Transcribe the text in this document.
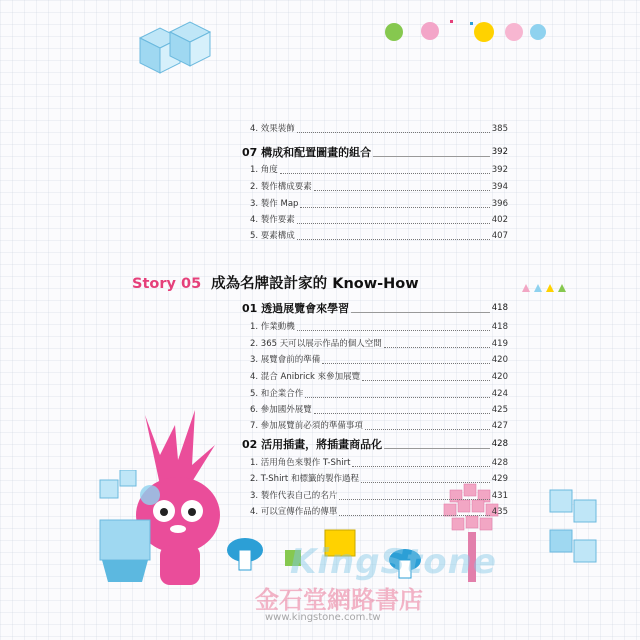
KingStone
金石堂網路書店
www.kingstone.com.tw
4. 效果裝飾	385
07 構成和配置圖畫的組合	392
1. 角度	392
2. 製作構成要素	394
3. 製作 Map	396
4. 製作要素	402
5. 要素構成	407
Story 05 成為名牌設計家的 Know-How
01 透過展覽會來學習	418
1. 作業動機	418
2. 365 天可以展示作品的個人空間	419
3. 展覽會前的準備	420
4. 混合 Anibrick 來參加展覽	420
5. 和企業合作	424
6. 參加國外展覽	425
7. 參加展覽前必須的準備事項	427
02 活用插畫，將插畫商品化	428
1. 活用角色來製作 T-Shirt	428
2. T-Shirt 和標籤的製作過程	429
3. 製作代表自己的名片	431
4. 可以宣傳作品的傳單	435
